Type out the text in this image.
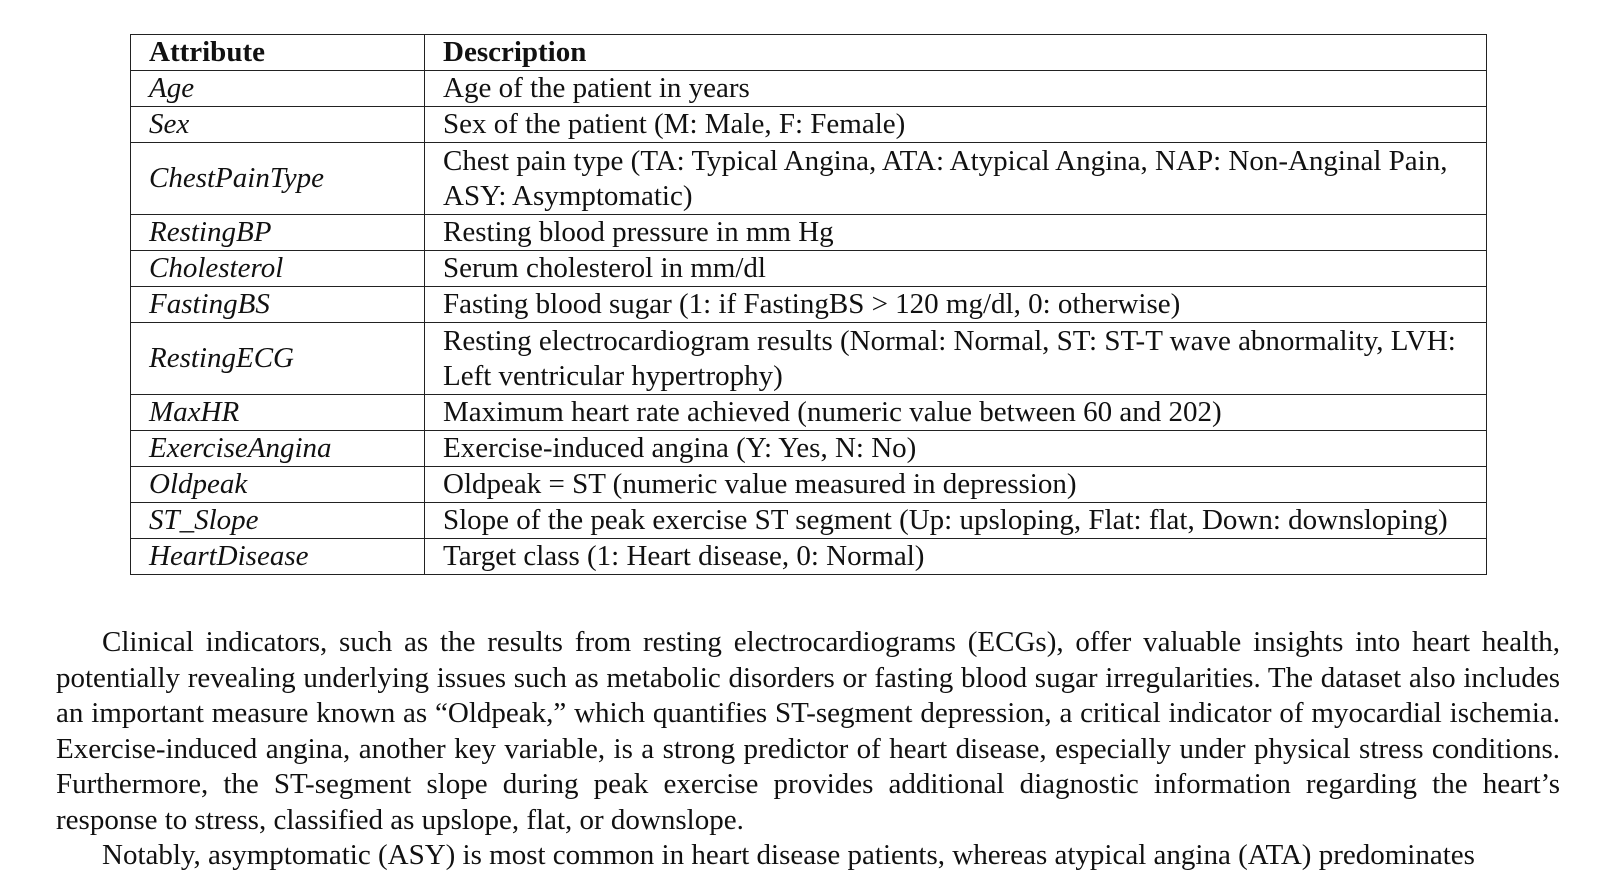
Attribute	Description
Age	Age of the patient in years
Sex	Sex of the patient (M: Male, F: Female)
ChestPainType	Chest pain type (TA: Typical Angina, ATA: Atypical Angina, NAP: Non-Anginal Pain, ASY: Asymptomatic)
RestingBP	Resting blood pressure in mm Hg
Cholesterol	Serum cholesterol in mm/dl
FastingBS	Fasting blood sugar (1: if FastingBS > 120 mg/dl, 0: otherwise)
RestingECG	Resting electrocardiogram results (Normal: Normal, ST: ST-T wave abnormality, LVH: Left ventricular hypertrophy)
MaxHR	Maximum heart rate achieved (numeric value between 60 and 202)
ExerciseAngina	Exercise-induced angina (Y: Yes, N: No)
Oldpeak	Oldpeak = ST (numeric value measured in depression)
ST_Slope	Slope of the peak exercise ST segment (Up: upsloping, Flat: flat, Down: downsloping)
HeartDisease	Target class (1: Heart disease, 0: Normal)

Clinical indicators, such as the results from resting electrocardiograms (ECGs), offer valuable insights into heart health, potentially revealing underlying issues such as metabolic disorders or fasting blood sugar irregularities. The dataset also includes an important measure known as “Oldpeak,” which quantifies ST-segment depression, a critical indicator of myocardial ischemia. Exercise-induced angina, another key variable, is a strong predictor of heart disease, especially under physical stress conditions. Furthermore, the ST-segment slope during peak exercise provides additional diagnostic information regarding the heart’s response to stress, classified as upslope, flat, or downslope.

Notably, asymptomatic (ASY) is most common in heart disease patients, whereas atypical angina (ATA) predominates
